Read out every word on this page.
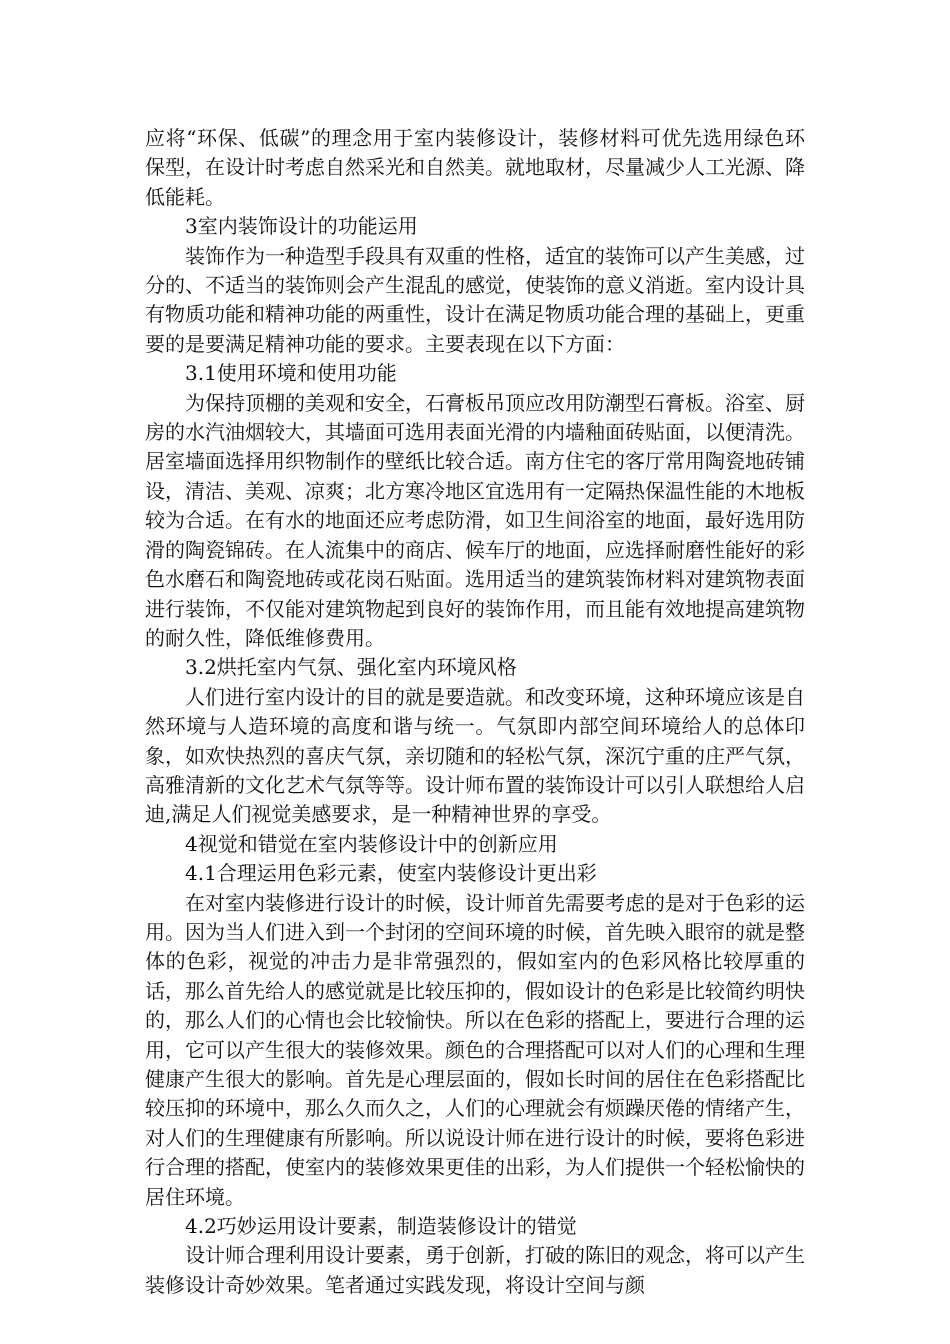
应将“环保、低碳”的理念用于室内装修设计，装修材料可优先选用绿色环保型，在设计时考虑自然采光和自然美。就地取材，尽量减少人工光源、降低能耗。

3室内装饰设计的功能运用

装饰作为一种造型手段具有双重的性格，适宜的装饰可以产生美感，过分的、不适当的装饰则会产生混乱的感觉，使装饰的意义消逝。室内设计具有物质功能和精神功能的两重性，设计在满足物质功能合理的基础上，更重要的是要满足精神功能的要求。主要表现在以下方面：

3.1使用环境和使用功能

为保持顶棚的美观和安全，石膏板吊顶应改用防潮型石膏板。浴室、厨房的水汽油烟较大，其墙面可选用表面光滑的内墙釉面砖贴面，以便清洗。居室墙面选择用织物制作的壁纸比较合适。南方住宅的客厅常用陶瓷地砖铺设，清洁、美观、凉爽；北方寒冷地区宜选用有一定隔热保温性能的木地板较为合适。在有水的地面还应考虑防滑，如卫生间浴室的地面，最好选用防滑的陶瓷锦砖。在人流集中的商店、候车厅的地面，应选择耐磨性能好的彩色水磨石和陶瓷地砖或花岗石贴面。选用适当的建筑装饰材料对建筑物表面进行装饰，不仅能对建筑物起到良好的装饰作用，而且能有效地提高建筑物的耐久性，降低维修费用。

3.2烘托室内气氛、强化室内环境风格

人们进行室内设计的目的就是要造就。和改变环境，这种环境应该是自然环境与人造环境的高度和谐与统一。气氛即内部空间环境给人的总体印象，如欢快热烈的喜庆气氛，亲切随和的轻松气氛，深沉宁重的庄严气氛，高雅清新的文化艺术气氛等等。设计师布置的装饰设计可以引人联想给人启迪,满足人们视觉美感要求，是一种精神世界的享受。

4视觉和错觉在室内装修设计中的创新应用

4.1合理运用色彩元素，使室内装修设计更出彩

在对室内装修进行设计的时候，设计师首先需要考虑的是对于色彩的运用。因为当人们进入到一个封闭的空间环境的时候，首先映入眼帘的就是整体的色彩，视觉的冲击力是非常强烈的，假如室内的色彩风格比较厚重的话，那么首先给人的感觉就是比较压抑的，假如设计的色彩是比较简约明快的，那么人们的心情也会比较愉快。所以在色彩的搭配上，要进行合理的运用，它可以产生很大的装修效果。颜色的合理搭配可以对人们的心理和生理健康产生很大的影响。首先是心理层面的，假如长时间的居住在色彩搭配比较压抑的环境中，那么久而久之，人们的心理就会有烦躁厌倦的情绪产生，对人们的生理健康有所影响。所以说设计师在进行设计的时候，要将色彩进行合理的搭配，使室内的装修效果更佳的出彩，为人们提供一个轻松愉快的居住环境。

4.2巧妙运用设计要素，制造装修设计的错觉

设计师合理利用设计要素，勇于创新，打破的陈旧的观念，将可以产生装修设计奇妙效果。笔者通过实践发现，将设计空间与颜
